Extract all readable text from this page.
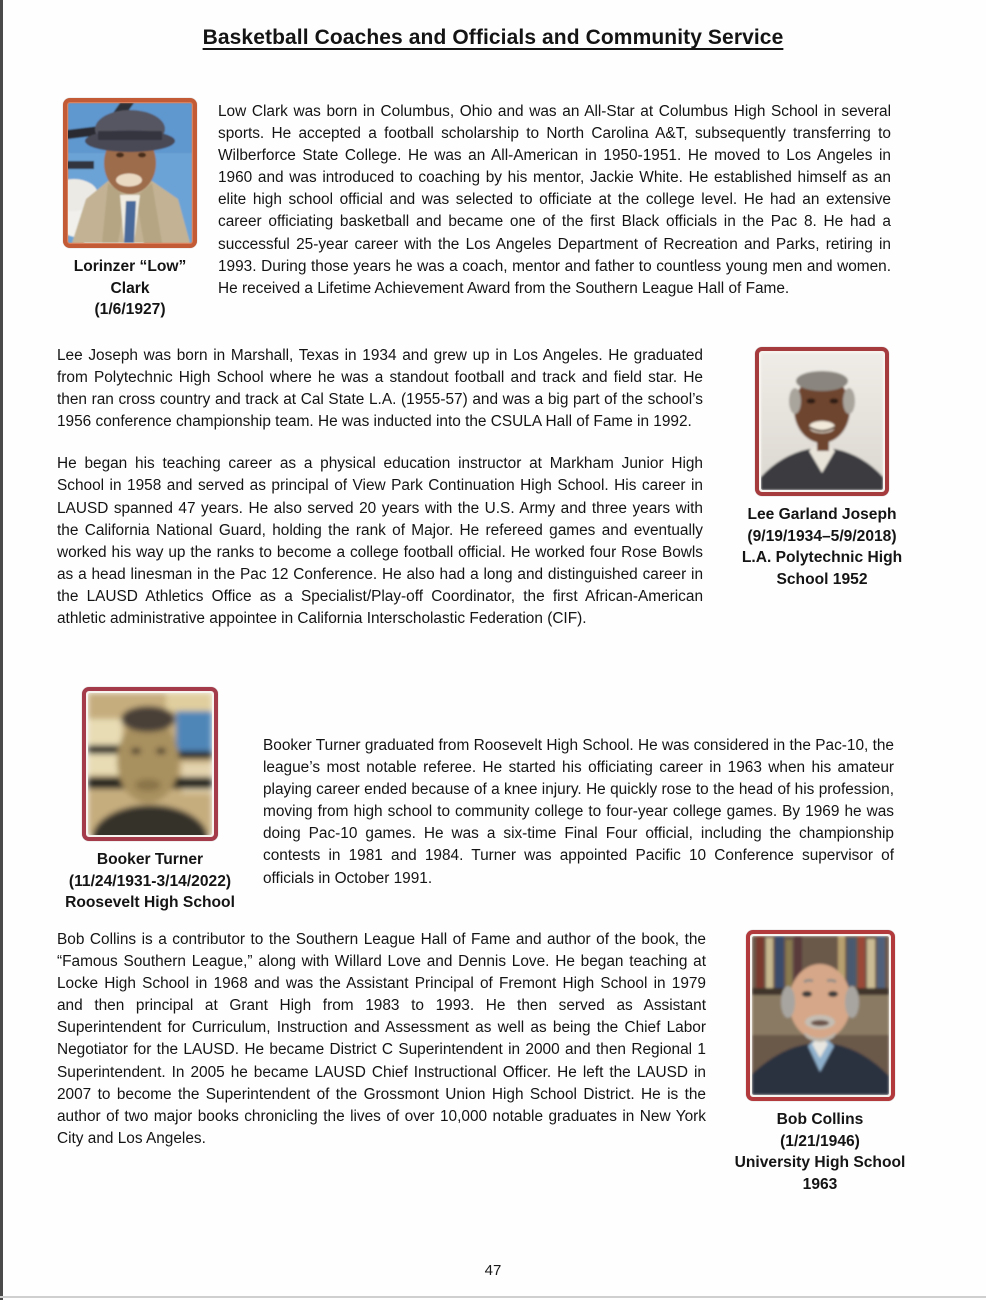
Basketball Coaches and Officials and Community Service
Lorinzer “Low”
Clark
(1/6/1927)

Low Clark was born in Columbus, Ohio and was an All-Star at Columbus High School in several sports. He accepted a football scholarship to North Carolina A&T, subsequently transferring to Wilberforce State College. He was an All-American in 1950-1951. He moved to Los Angeles in 1960 and was introduced to coaching by his mentor, Jackie White. He established himself as an elite high school official and was selected to officiate at the college level. He had an extensive career officiating basketball and became one of the first Black officials in the Pac 8. He had a successful 25-year career with the Los Angeles Department of Recreation and Parks, retiring in 1993. During those years he was a coach, mentor and father to countless young men and women. He received a Lifetime Achievement Award from the Southern League Hall of Fame.

Lee Joseph was born in Marshall, Texas in 1934 and grew up in Los Angeles. He graduated from Polytechnic High School where he was a standout football and track and field star. He then ran cross country and track at Cal State L.A. (1955-57) and was a big part of the school’s 1956 conference championship team. He was inducted into the CSULA Hall of Fame in 1992.

He began his teaching career as a physical education instructor at Markham Junior High School in 1958 and served as principal of View Park Continuation High School. His career in LAUSD spanned 47 years. He also served 20 years with the U.S. Army and three years with the California National Guard, holding the rank of Major. He refereed games and eventually worked his way up the ranks to become a college football official. He worked four Rose Bowls as a head linesman in the Pac 12 Conference. He also had a long and distinguished career in the LAUSD Athletics Office as a Specialist/Play-off Coordinator, the first African-American athletic administrative appointee in California Interscholastic Federation (CIF).

Lee Garland Joseph
(9/19/1934–5/9/2018)
L.A. Polytechnic High
School 1952
Booker Turner
(11/24/1931-3/14/2022)
Roosevelt High School

Booker Turner graduated from Roosevelt High School. He was considered in the Pac-10, the league’s most notable referee. He started his officiating career in 1963 when his amateur playing career ended because of a knee injury. He quickly rose to the head of his profession, moving from high school to community college to four-year college games. By 1969 he was doing Pac-10 games. He was a six-time Final Four official, including the championship contests in 1981 and 1984. Turner was appointed Pacific 10 Conference supervisor of officials in October 1991.

Bob Collins is a contributor to the Southern League Hall of Fame and author of the book, the “Famous Southern League,” along with Willard Love and Dennis Love. He began teaching at Locke High School in 1968 and was the Assistant Principal of Fremont High School in 1979 and then principal at Grant High from 1983 to 1993. He then served as Assistant Superintendent for Curriculum, Instruction and Assessment as well as being the Chief Labor Negotiator for the LAUSD. He became District C Superintendent in 2000 and then Regional 1 Superintendent. In 2005 he became LAUSD Chief Instructional Officer. He left the LAUSD in 2007 to become the Superintendent of the Grossmont Union High School District. He is the author of two major books chronicling the lives of over 10,000 notable graduates in New York City and Los Angeles.

Bob Collins
(1/21/1946)
University High School
1963
47
